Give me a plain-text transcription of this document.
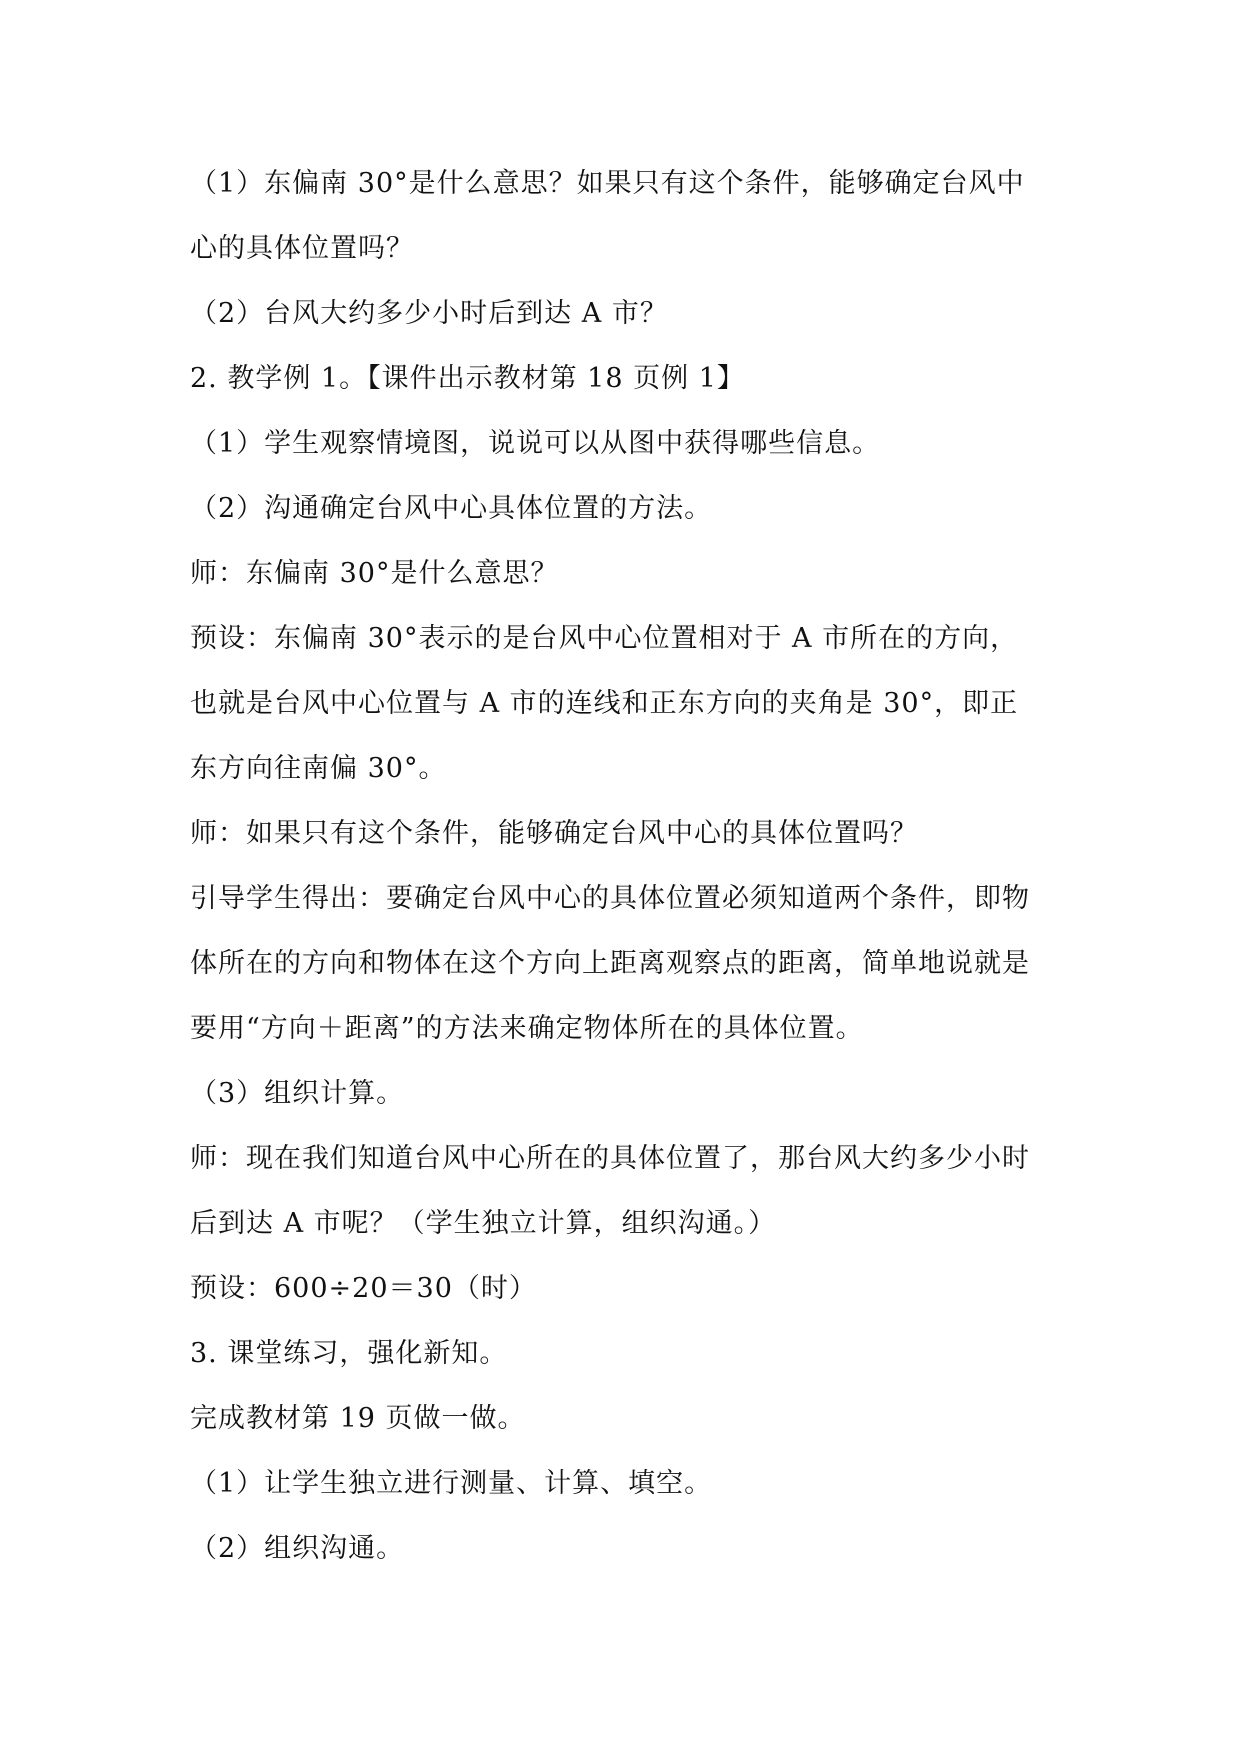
（1）东偏南 30°是什么意思？如果只有这个条件，能够确定台风中
心的具体位置吗？
（2）台风大约多少小时后到达 A 市？
2. 教学例 1。【课件出示教材第 18 页例 1】
（1）学生观察情境图，说说可以从图中获得哪些信息。
（2）沟通确定台风中心具体位置的方法。
师：东偏南 30°是什么意思？
预设：东偏南 30°表示的是台风中心位置相对于 A 市所在的方向，
也就是台风中心位置与 A 市的连线和正东方向的夹角是 30°，即正
东方向往南偏 30°。
师：如果只有这个条件，能够确定台风中心的具体位置吗？
引导学生得出：要确定台风中心的具体位置必须知道两个条件，即物
体所在的方向和物体在这个方向上距离观察点的距离，简单地说就是
要用“方向＋距离”的方法来确定物体所在的具体位置。
（3）组织计算。
师：现在我们知道台风中心所在的具体位置了，那台风大约多少小时
后到达 A 市呢？（学生独立计算，组织沟通。）
预设：600÷20＝30（时）
3. 课堂练习，强化新知。
完成教材第 19 页做一做。
（1）让学生独立进行测量、计算、填空。
（2）组织沟通。
